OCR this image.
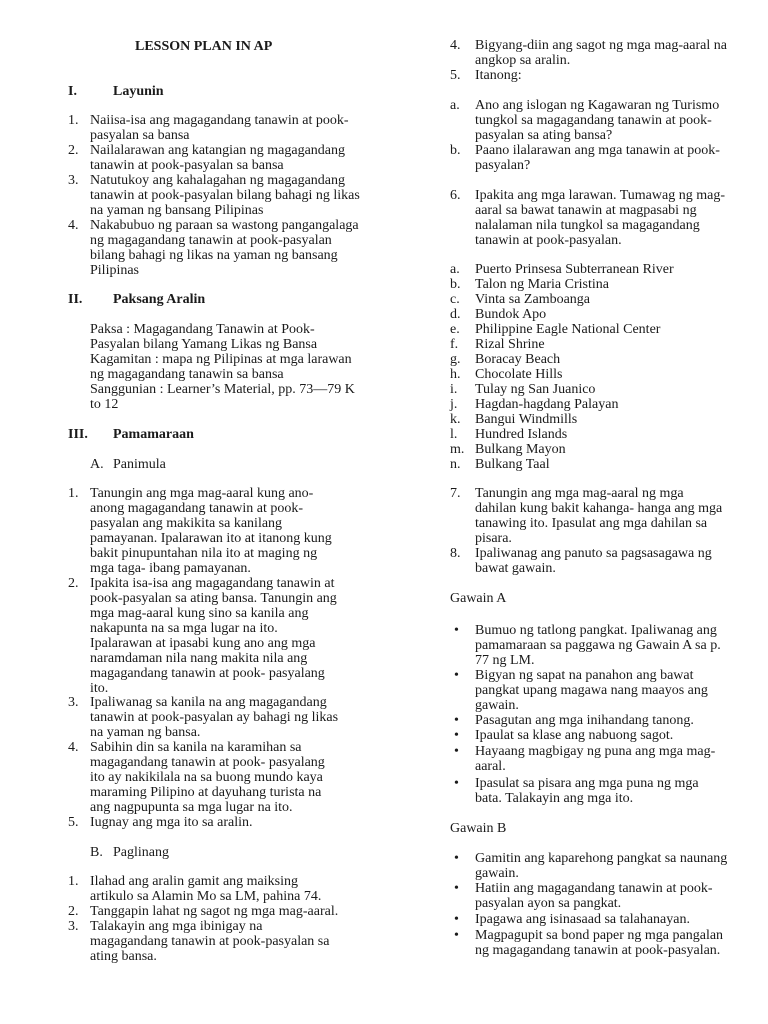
LESSON PLAN IN AP
I.	Layunin
1. Naiisa-isa ang magagandang tanawin at pook-
pasyalan sa bansa
2. Nailalarawan ang katangian ng magagandang
tanawin at pook-pasyalan sa bansa
3. Natutukoy ang kahalagahan ng magagandang
tanawin at pook-pasyalan bilang bahagi ng likas
na yaman ng bansang Pilipinas
4. Nakabubuo ng paraan sa wastong pangangalaga
ng magagandang tanawin at pook-pasyalan
bilang bahagi ng likas na yaman ng bansang
Pilipinas
II. Paksang Aralin
Paksa : Magagandang Tanawin at Pook-
Pasyalan bilang Yamang Likas ng Bansa
Kagamitan : mapa ng Pilipinas at mga larawan
ng magagandang tanawin sa bansa
Sanggunian : Learner’s Material, pp. 73—79 K
to 12
III. Pamamaraan
A. Panimula
1. Tanungin ang mga mag-aaral kung ano-
anong magagandang tanawin at pook-
pasyalan ang makikita sa kanilang
pamayanan. Ipalarawan ito at itanong kung
bakit pinupuntahan nila ito at maging ng
mga taga- ibang pamayanan.
2. Ipakita isa-isa ang magagandang tanawin at
pook-pasyalan sa ating bansa. Tanungin ang
mga mag-aaral kung sino sa kanila ang
nakapunta na sa mga lugar na ito.
Ipalarawan at ipasabi kung ano ang mga
naramdaman nila nang makita nila ang
magagandang tanawin at pook- pasyalang
ito.
3. Ipaliwanag sa kanila na ang magagandang
tanawin at pook-pasyalan ay bahagi ng likas
na yaman ng bansa.
4. Sabihin din sa kanila na karamihan sa
magagandang tanawin at pook- pasyalang
ito ay nakikilala na sa buong mundo kaya
maraming Pilipino at dayuhang turista na
ang nagpupunta sa mga lugar na ito.
5. Iugnay ang mga ito sa aralin.
B. Paglinang
1. Ilahad ang aralin gamit ang maiksing
artikulo sa Alamin Mo sa LM, pahina 74.
2. Tanggapin lahat ng sagot ng mga mag-aaral.
3. Talakayin ang mga ibinigay na
magagandang tanawin at pook-pasyalan sa
ating bansa.
4. Bigyang-diin ang sagot ng mga mag-aaral na
angkop sa aralin.
5. Itanong:
a. Ano ang islogan ng Kagawaran ng Turismo
tungkol sa magagandang tanawin at pook-
pasyalan sa ating bansa?
b. Paano ilalarawan ang mga tanawin at pook-
pasyalan?
6. Ipakita ang mga larawan. Tumawag ng mag-
aaral sa bawat tanawin at magpasabi ng
nalalaman nila tungkol sa magagandang
tanawin at pook-pasyalan.
a. Puerto Prinsesa Subterranean River
b. Talon ng Maria Cristina
c. Vinta sa Zamboanga
d. Bundok Apo
e. Philippine Eagle National Center
f. Rizal Shrine
g. Boracay Beach
h. Chocolate Hills
i. Tulay ng San Juanico
j. Hagdan-hagdang Palayan
k. Bangui Windmills
l. Hundred Islands
m. Bulkang Mayon
n. Bulkang Taal
7. Tanungin ang mga mag-aaral ng mga
dahilan kung bakit kahanga- hanga ang mga
tanawing ito. Ipasulat ang mga dahilan sa
pisara.
8. Ipaliwanag ang panuto sa pagsasagawa ng
bawat gawain.
Gawain A
• Bumuo ng tatlong pangkat. Ipaliwanag ang
pamamaraan sa paggawa ng Gawain A sa p.
77 ng LM.
• Bigyan ng sapat na panahon ang bawat
pangkat upang magawa nang maayos ang
gawain.
• Pasagutan ang mga inihandang tanong.
• Ipaulat sa klase ang nabuong sagot.
• Hayaang magbigay ng puna ang mga mag-
aaral.
• Ipasulat sa pisara ang mga puna ng mga
bata. Talakayin ang mga ito.
Gawain B
• Gamitin ang kaparehong pangkat sa naunang
gawain.
• Hatiin ang magagandang tanawin at pook-
pasyalan ayon sa pangkat.
• Ipagawa ang isinasaad sa talahanayan.
• Magpagupit sa bond paper ng mga pangalan
ng magagandang tanawin at pook-pasyalan.
